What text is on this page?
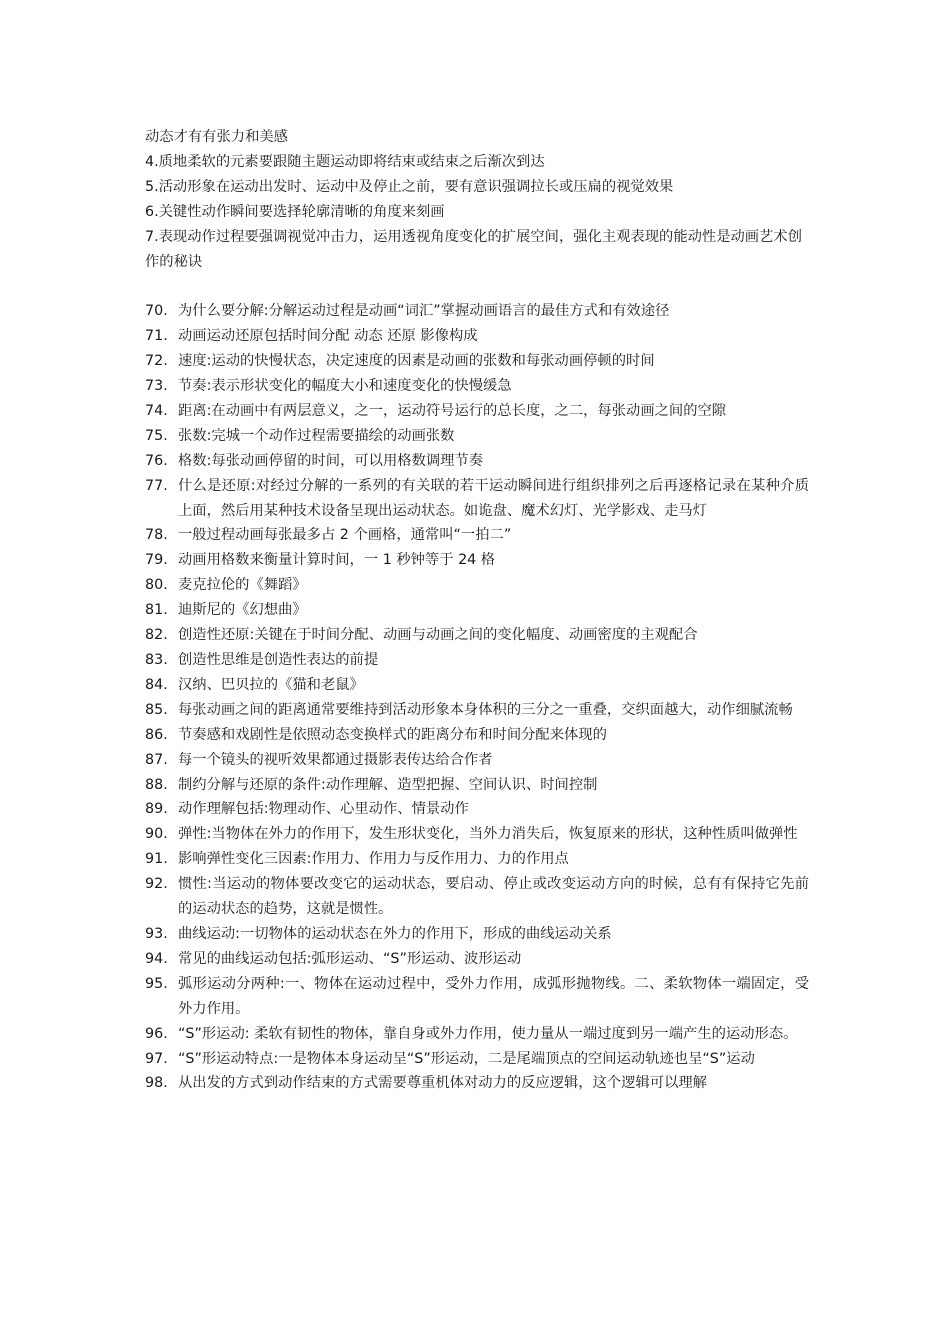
动态才有有张力和美感

4.质地柔软的元素要跟随主题运动即将结束或结束之后渐次到达

5.活动形象在运动出发时、运动中及停止之前，要有意识强调拉长或压扁的视觉效果

6.关键性动作瞬间要选择轮廓清晰的角度来刻画

7.表现动作过程要强调视觉冲击力，运用透视角度变化的扩展空间，强化主观表现的能动性是动画艺术创作的秘诀

70. 为什么要分解:分解运动过程是动画“词汇”掌握动画语言的最佳方式和有效途径
71. 动画运动还原包括时间分配 动态 还原 影像构成
72. 速度:运动的快慢状态，决定速度的因素是动画的张数和每张动画停顿的时间
73. 节奏:表示形状变化的幅度大小和速度变化的快慢缓急
74. 距离:在动画中有两层意义，之一，运动符号运行的总长度，之二，每张动画之间的空隙
75. 张数:完城一个动作过程需要描绘的动画张数
76. 格数:每张动画停留的时间，可以用格数调理节奏
77. 什么是还原:对经过分解的一系列的有关联的若干运动瞬间进行组织排列之后再逐格记录在某种介质上面，然后用某种技术设备呈现出运动状态。如诡盘、魔术幻灯、光学影戏、走马灯
78. 一般过程动画每张最多占 2 个画格，通常叫“一拍二”
79. 动画用格数来衡量计算时间，一 1 秒钟等于 24 格
80. 麦克拉伦的《舞蹈》
81. 迪斯尼的《幻想曲》
82. 创造性还原:关键在于时间分配、动画与动画之间的变化幅度、动画密度的主观配合
83. 创造性思维是创造性表达的前提
84. 汉纳、巴贝拉的《猫和老鼠》
85. 每张动画之间的距离通常要维持到活动形象本身体积的三分之一重叠，交织面越大，动作细腻流畅
86. 节奏感和戏剧性是依照动态变换样式的距离分布和时间分配来体现的
87. 每一个镜头的视听效果都通过摄影表传达给合作者
88. 制约分解与还原的条件:动作理解、造型把握、空间认识、时间控制
89. 动作理解包括:物理动作、心里动作、情景动作
90. 弹性:当物体在外力的作用下，发生形状变化，当外力消失后，恢复原来的形状，这种性质叫做弹性
91. 影响弹性变化三因素:作用力、作用力与反作用力、力的作用点
92. 惯性:当运动的物体要改变它的运动状态，要启动、停止或改变运动方向的时候，总有有保持它先前的运动状态的趋势，这就是惯性。
93. 曲线运动:一切物体的运动状态在外力的作用下，形成的曲线运动关系
94. 常见的曲线运动包括:弧形运动、“S”形运动、波形运动
95. 弧形运动分两种:一、物体在运动过程中，受外力作用，成弧形抛物线。二、柔软物体一端固定，受外力作用。
96. “S”形运动: 柔软有韧性的物体，靠自身或外力作用，使力量从一端过度到另一端产生的运动形态。
97. “S”形运动特点:一是物体本身运动呈“S”形运动，二是尾端顶点的空间运动轨迹也呈“S”运动
98. 从出发的方式到动作结束的方式需要尊重机体对动力的反应逻辑，这个逻辑可以理解
